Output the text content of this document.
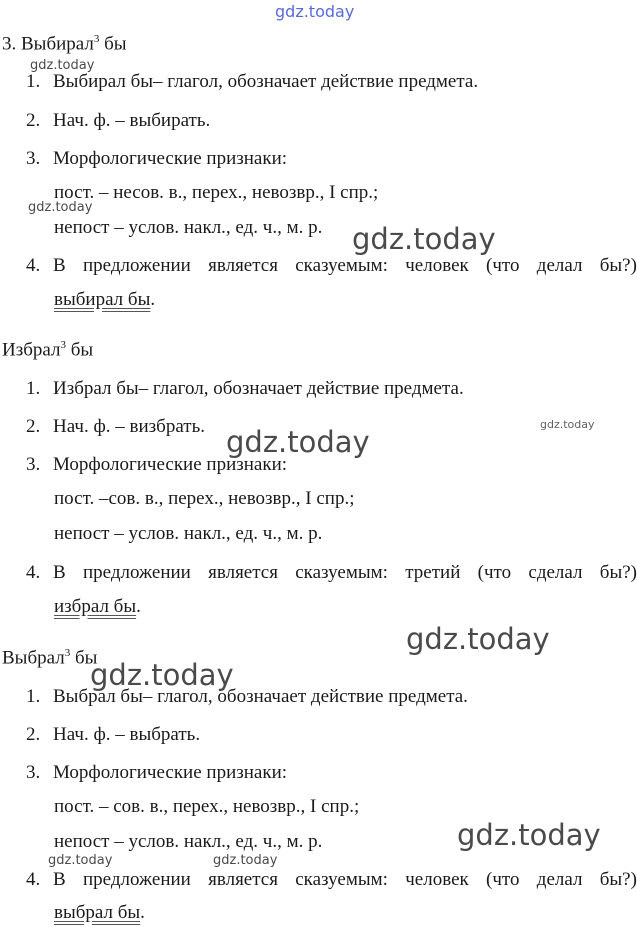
gdz.today
gdz.today
gdz.today
gdz.today
gdz.today
gdz.today
gdz.today
gdz.today
gdz.today
gdz.today	gdz.today
3. Выбирал$^3$ бы
1. Выбирал бы– глагол, обозначает действие предмета.
2. Нач. ф. – выбирать.
3. Морфологические признаки:
пост. – несов. в., перех., невозвр., I спр.;
непост – услов. накл., ед. ч., м. р.
4. В предложении является сказуемым: человек (что делал бы?)
выбирал бы.
Избрал$^3$ бы
1. Избрал бы– глагол, обозначает действие предмета.
2. Нач. ф. – визбрать.
3. Морфологические признаки:
пост. –сов. в., перех., невозвр., I спр.;
непост – услов. накл., ед. ч., м. р.
4. В предложении является сказуемым: третий (что сделал бы?)
избрал бы.
Выбрал$^3$ бы
1. Выбрал бы– глагол, обозначает действие предмета.
2. Нач. ф. – выбрать.
3. Морфологические признаки:
пост. – сов. в., перех., невозвр., I спр.;
непост – услов. накл., ед. ч., м. р.
4. В предложении является сказуемым: человек (что делал бы?)
выбрал бы.
